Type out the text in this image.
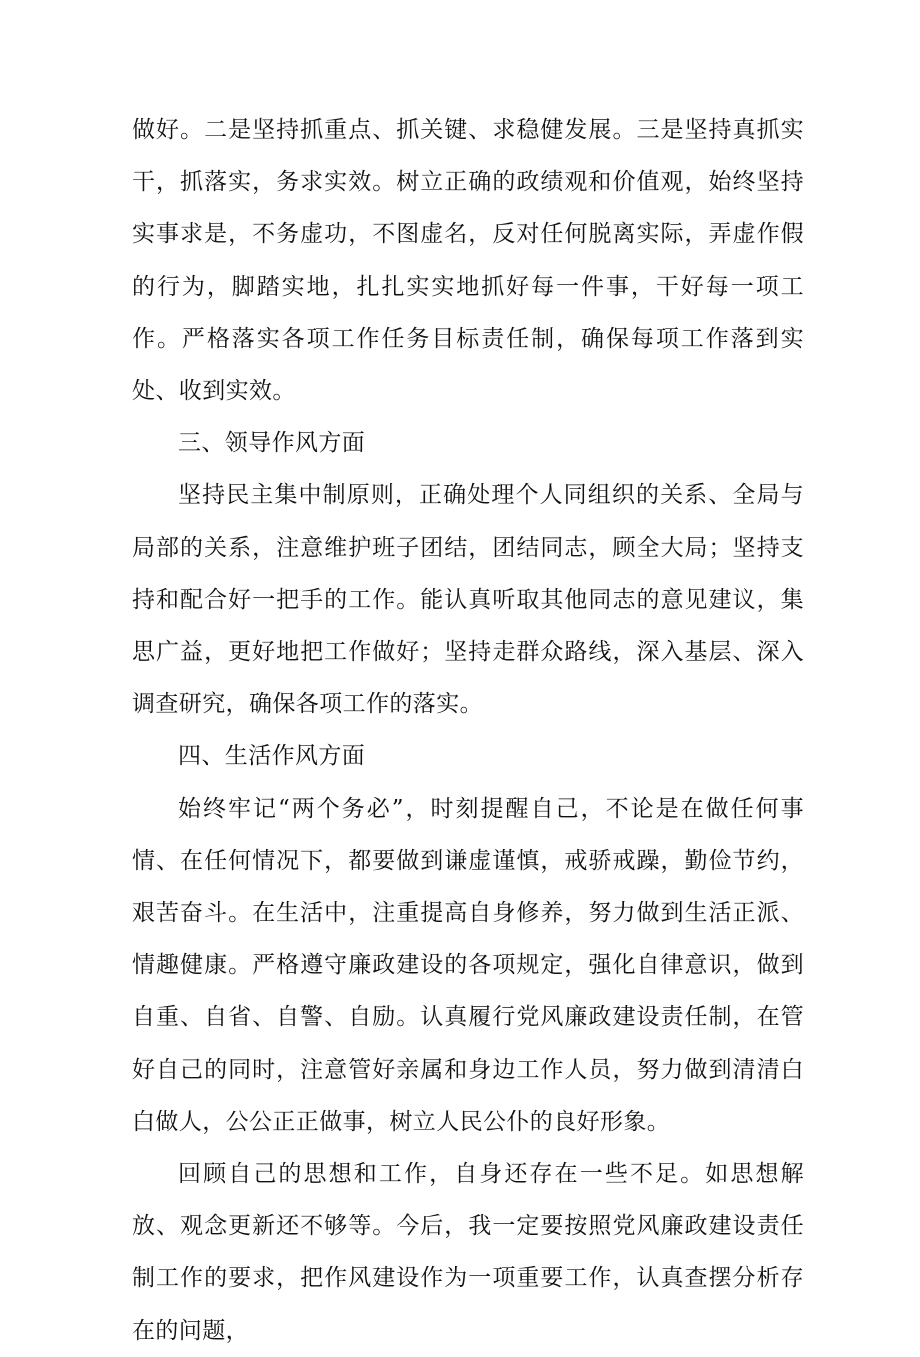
做好。二是坚持抓重点、抓关键、求稳健发展。三是坚持真抓实干，抓落实，务求实效。树立正确的政绩观和价值观，始终坚持实事求是，不务虚功，不图虚名，反对任何脱离实际，弄虚作假的行为，脚踏实地，扎扎实实地抓好每一件事，干好每一项工作。严格落实各项工作任务目标责任制，确保每项工作落到实处、收到实效。

三、领导作风方面

坚持民主集中制原则，正确处理个人同组织的关系、全局与局部的关系，注意维护班子团结，团结同志，顾全大局；坚持支持和配合好一把手的工作。能认真听取其他同志的意见建议，集思广益，更好地把工作做好；坚持走群众路线，深入基层、深入调查研究，确保各项工作的落实。

四、生活作风方面

始终牢记“两个务必”，时刻提醒自己，不论是在做任何事情、在任何情况下，都要做到谦虚谨慎，戒骄戒躁，勤俭节约，艰苦奋斗。在生活中，注重提高自身修养，努力做到生活正派、情趣健康。严格遵守廉政建设的各项规定，强化自律意识，做到自重、自省、自警、自励。认真履行党风廉政建设责任制，在管好自己的同时，注意管好亲属和身边工作人员，努力做到清清白白做人，公公正正做事，树立人民公仆的良好形象。

回顾自己的思想和工作，自身还存在一些不足。如思想解放、观念更新还不够等。今后，我一定要按照党风廉政建设责任制工作的要求，把作风建设作为一项重要工作，认真查摆分析存在的问题，
